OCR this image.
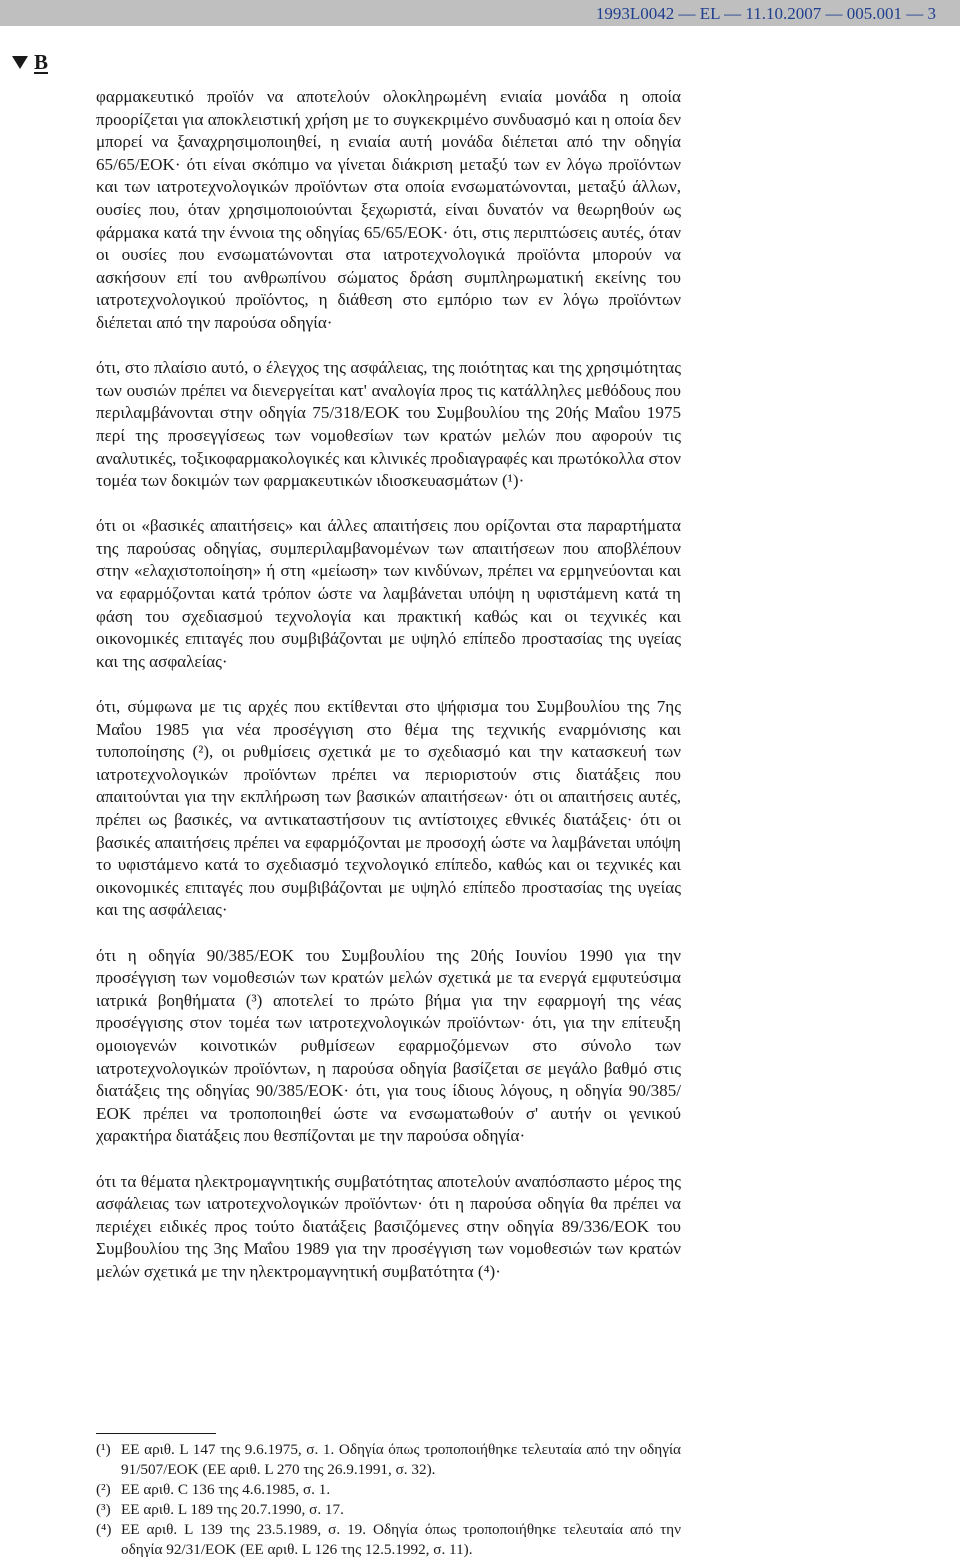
1993L0042 — EL — 11.10.2007 — 005.001 — 3
B

φαρμακευτικό προϊόν να αποτελούν ολοκληρωμένη ενιαία μονάδα η οποία προορίζεται για αποκλειστική χρήση με το συγκεκριμένο συνδυασμό και η οποία δεν μπορεί να ξαναχρησιμοποιηθεί, η ενιαία αυτή μονάδα διέπεται από την οδηγία 65/65/ΕΟΚ· ότι είναι σκόπιμο να γίνεται διάκριση μεταξύ των εν λόγω προϊόντων και των ιατροτεχνολογικών προϊόντων στα οποία ενσωματώνονται, μεταξύ άλλων, ουσίες που, όταν χρησιμοποιούνται ξεχωριστά, είναι δυνατόν να θεωρηθούν ως φάρμακα κατά την έννοια της οδηγίας 65/65/ΕΟΚ· ότι, στις περιπτώσεις αυτές, όταν οι ουσίες που ενσωματώνονται στα ιατροτεχνολογικά προϊόντα μπορούν να ασκήσουν επί του ανθρωπίνου σώματος δράση συμπληρωματική εκείνης του ιατροτεχνολογικού προϊόντος, η διάθεση στο εμπόριο των εν λόγω προϊόντων διέπεται από την παρούσα οδηγία·

ότι, στο πλαίσιο αυτό, ο έλεγχος της ασφάλειας, της ποιότητας και της χρησιμότητας των ουσιών πρέπει να διενεργείται κατ' αναλογία προς τις κατάλληλες μεθόδους που περιλαμβάνονται στην οδηγία 75/318/ΕΟΚ του Συμβουλίου της 20ής Μαΐου 1975 περί της προσεγγίσεως των νομοθεσίων των κρατών μελών που αφορούν τις αναλυτικές, τοξικοφαρμακολογικές και κλινικές προδιαγραφές και πρωτόκολλα στον τομέα των δοκιμών των φαρμακευτικών ιδιοσκευασμάτων (¹)·

ότι οι «βασικές απαιτήσεις» και άλλες απαιτήσεις που ορίζονται στα παραρτήματα της παρούσας οδηγίας, συμπεριλαμβανομένων των απαιτήσεων που αποβλέπουν στην «ελαχιστοποίηση» ή στη «μείωση» των κινδύνων, πρέπει να ερμηνεύονται και να εφαρμόζονται κατά τρόπον ώστε να λαμβάνεται υπόψη η υφιστάμενη κατά τη φάση του σχεδιασμού τεχνολογία και πρακτική καθώς και οι τεχνικές και οικονομικές επιταγές που συμβιβάζονται με υψηλό επίπεδο προστασίας της υγείας και της ασφαλείας·

ότι, σύμφωνα με τις αρχές που εκτίθενται στο ψήφισμα του Συμβουλίου της 7ης Μαΐου 1985 για νέα προσέγγιση στο θέμα της τεχνικής εναρμόνισης και τυποποίησης (²), οι ρυθμίσεις σχετικά με το σχεδιασμό και την κατασκευή των ιατροτεχνολογικών προϊόντων πρέπει να περιοριστούν στις διατάξεις που απαιτούνται για την εκπλήρωση των βασικών απαιτήσεων· ότι οι απαιτήσεις αυτές, πρέπει ως βασικές, να αντικαταστήσουν τις αντίστοιχες εθνικές διατάξεις· ότι οι βασικές απαιτήσεις πρέπει να εφαρμόζονται με προσοχή ώστε να λαμβάνεται υπόψη το υφιστάμενο κατά το σχεδιασμό τεχνολογικό επίπεδο, καθώς και οι τεχνικές και οικονομικές επιταγές που συμβιβάζονται με υψηλό επίπεδο προστασίας της υγείας και της ασφάλειας·

ότι η οδηγία 90/385/ΕΟΚ του Συμβουλίου της 20ής Ιουνίου 1990 για την προσέγγιση των νομοθεσιών των κρατών μελών σχετικά με τα ενεργά εμφυτεύσιμα ιατρικά βοηθήματα (³) αποτελεί το πρώτο βήμα για την εφαρμογή της νέας προσέγγισης στον τομέα των ιατροτεχνολογικών προϊόντων· ότι, για την επίτευξη ομοιογενών κοινοτικών ρυθμίσεων εφαρμοζόμενων στο σύνολο των ιατροτεχνολογικών προϊόντων, η παρούσα οδηγία βασίζεται σε μεγάλο βαθμό στις διατάξεις της οδηγίας 90/385/ΕΟΚ· ότι, για τους ίδιους λόγους, η οδηγία 90/385/ΕΟΚ πρέπει να τροποποιηθεί ώστε να ενσωματωθούν σ' αυτήν οι γενικού χαρακτήρα διατάξεις που θεσπίζονται με την παρούσα οδηγία·

ότι τα θέματα ηλεκτρομαγνητικής συμβατότητας αποτελούν αναπόσπαστο μέρος της ασφάλειας των ιατροτεχνολογικών προϊόντων· ότι η παρούσα οδηγία θα πρέπει να περιέχει ειδικές προς τούτο διατάξεις βασιζόμενες στην οδηγία 89/336/ΕΟΚ του Συμβουλίου της 3ης Μαΐου 1989 για την προσέγγιση των νομοθεσιών των κρατών μελών σχετικά με την ηλεκτρομαγνητική συμβατότητα (⁴)·

(¹) ΕΕ αριθ. L 147 της 9.6.1975, σ. 1. Οδηγία όπως τροποποιήθηκε τελευταία από την οδηγία 91/507/ΕΟΚ (ΕΕ αριθ. L 270 της 26.9.1991, σ. 32).
(²) ΕΕ αριθ. C 136 της 4.6.1985, σ. 1.
(³) ΕΕ αριθ. L 189 της 20.7.1990, σ. 17.
(⁴) ΕΕ αριθ. L 139 της 23.5.1989, σ. 19. Οδηγία όπως τροποποιήθηκε τελευταία από την οδηγία 92/31/ΕΟΚ (ΕΕ αριθ. L 126 της 12.5.1992, σ. 11).
